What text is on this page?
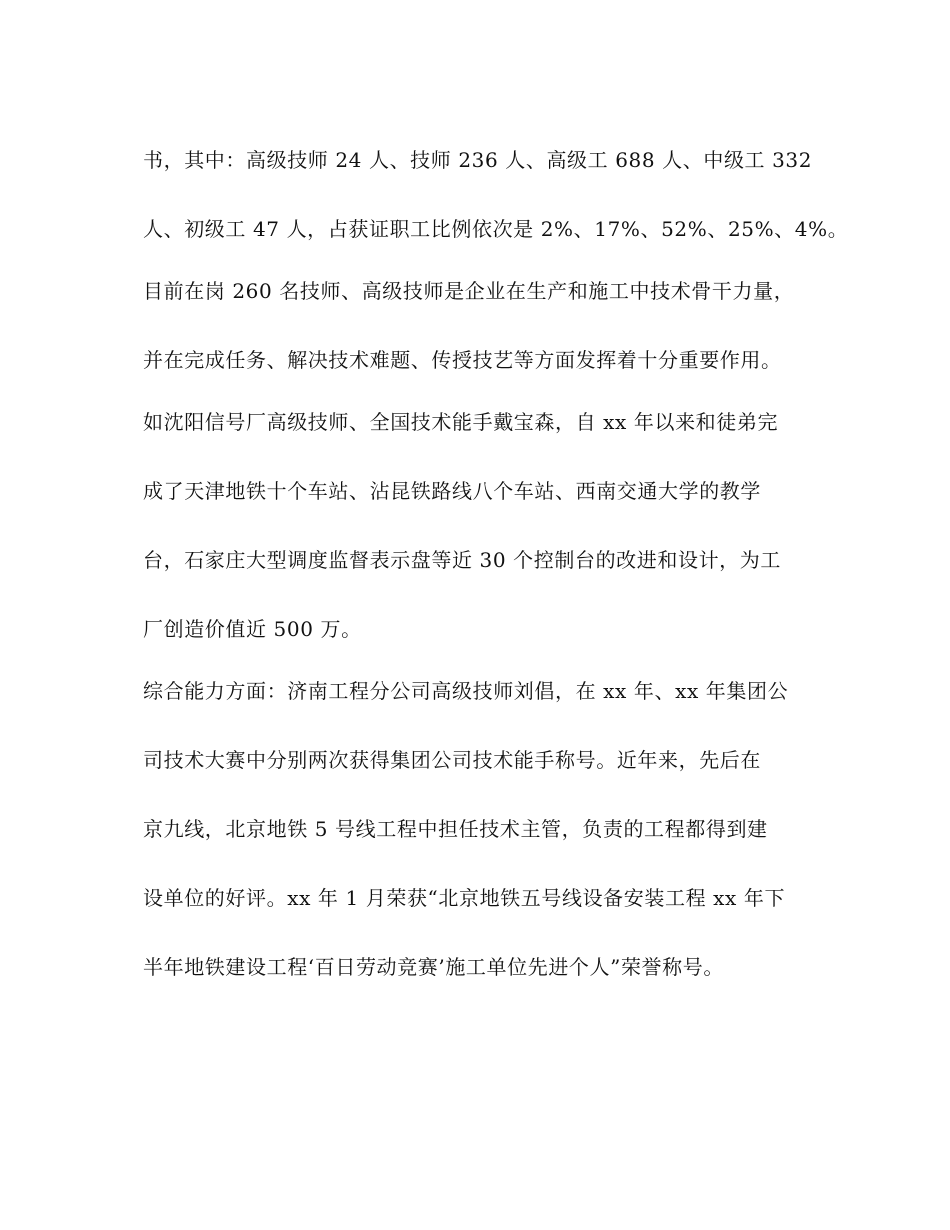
书，其中：高级技师 24 人、技师 236 人、高级工 688 人、中级工 332
人、初级工 47 人，占获证职工比例依次是 2%、17%、52%、25%、4%。
目前在岗 260 名技师、高级技师是企业在生产和施工中技术骨干力量，
并在完成任务、解决技术难题、传授技艺等方面发挥着十分重要作用。
如沈阳信号厂高级技师、全国技术能手戴宝森，自 xx 年以来和徒弟完
成了天津地铁十个车站、沾昆铁路线八个车站、西南交通大学的教学
台，石家庄大型调度监督表示盘等近 30 个控制台的改进和设计，为工
厂创造价值近 500 万。
综合能力方面：济南工程分公司高级技师刘倡，在 xx 年、xx 年集团公
司技术大赛中分别两次获得集团公司技术能手称号。近年来，先后在
京九线，北京地铁 5 号线工程中担任技术主管，负责的工程都得到建
设单位的好评。xx 年 1 月荣获“北京地铁五号线设备安装工程 xx 年下
半年地铁建设工程‘百日劳动竞赛’施工单位先进个人”荣誉称号。
